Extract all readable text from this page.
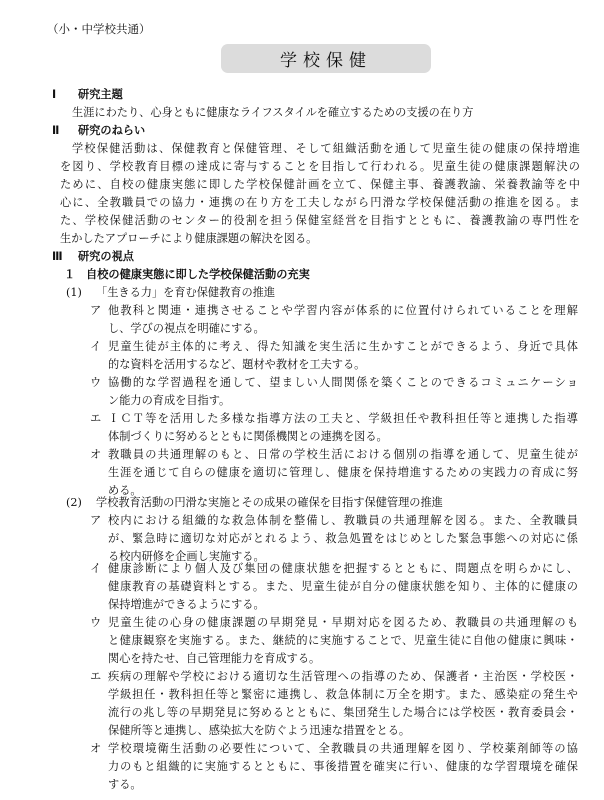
（小・中学校共通）
学校保健
Ⅰ 研究主題
生涯にわたり、心身ともに健康なライフスタイルを確立するための支援の在り方
Ⅱ 研究のねらい
学校保健活動は、保健教育と保健管理、そして組織活動を通して児童生徒の健康の保持増進
を図り、学校教育目標の達成に寄与することを目指して行われる。児童生徒の健康課題解決の
ために、自校の健康実態に即した学校保健計画を立て、保健主事、養護教諭、栄養教諭等を中
心に、全教職員での協力・連携の在り方を工夫しながら円滑な学校保健活動の推進を図る。ま
た、学校保健活動のセンター的役割を担う保健室経営を目指すとともに、養護教諭の専門性を
生かしたアプローチにより健康課題の解決を図る。
Ⅲ 研究の視点
１ 自校の健康実態に即した学校保健活動の充実
(1) 「生きる力」を育む保健教育の推進
ア 他教科と関連・連携させることや学習内容が体系的に位置付けられていることを理解
し、学びの視点を明確にする。
イ 児童生徒が主体的に考え、得た知識を実生活に生かすことができるよう、身近で具体
的な資料を活用するなど、題材や教材を工夫する。
ウ 協働的な学習過程を通して、望ましい人間関係を築くことのできるコミュニケーショ
ン能力の育成を目指す。
エ ＩＣＴ等を活用した多様な指導方法の工夫と、学級担任や教科担任等と連携した指導
体制づくりに努めるとともに関係機関との連携を図る。
オ 教職員の共通理解のもと、日常の学校生活における個別の指導を通して、児童生徒が
生涯を通じて自らの健康を適切に管理し、健康を保持増進するための実践力の育成に努
める。
(2) 学校教育活動の円滑な実施とその成果の確保を目指す保健管理の推進
ア 校内における組織的な救急体制を整備し、教職員の共通理解を図る。また、全教職員
が、緊急時に適切な対応がとれるよう、救急処置をはじめとした緊急事態への対応に係
る校内研修を企画し実施する。
イ 健康診断により個人及び集団の健康状態を把握するとともに、問題点を明らかにし、
健康教育の基礎資料とする。また、児童生徒が自分の健康状態を知り、主体的に健康の
保持増進ができるようにする。
ウ 児童生徒の心身の健康課題の早期発見・早期対応を図るため、教職員の共通理解のも
と健康観察を実施する。また、継続的に実施することで、児童生徒に自他の健康に興味・
関心を持たせ、自己管理能力を育成する。
エ 疾病の理解や学校における適切な生活管理への指導のため、保護者・主治医・学校医・
学級担任・教科担任等と緊密に連携し、救急体制に万全を期す。また、感染症の発生や
流行の兆し等の早期発見に努めるとともに、集団発生した場合には学校医・教育委員会・
保健所等と連携し、感染拡大を防ぐよう迅速な措置をとる。
オ 学校環境衛生活動の必要性について、全教職員の共通理解を図り、学校薬剤師等の協
力のもと組織的に実施するとともに、事後措置を確実に行い、健康的な学習環境を確保
する。
